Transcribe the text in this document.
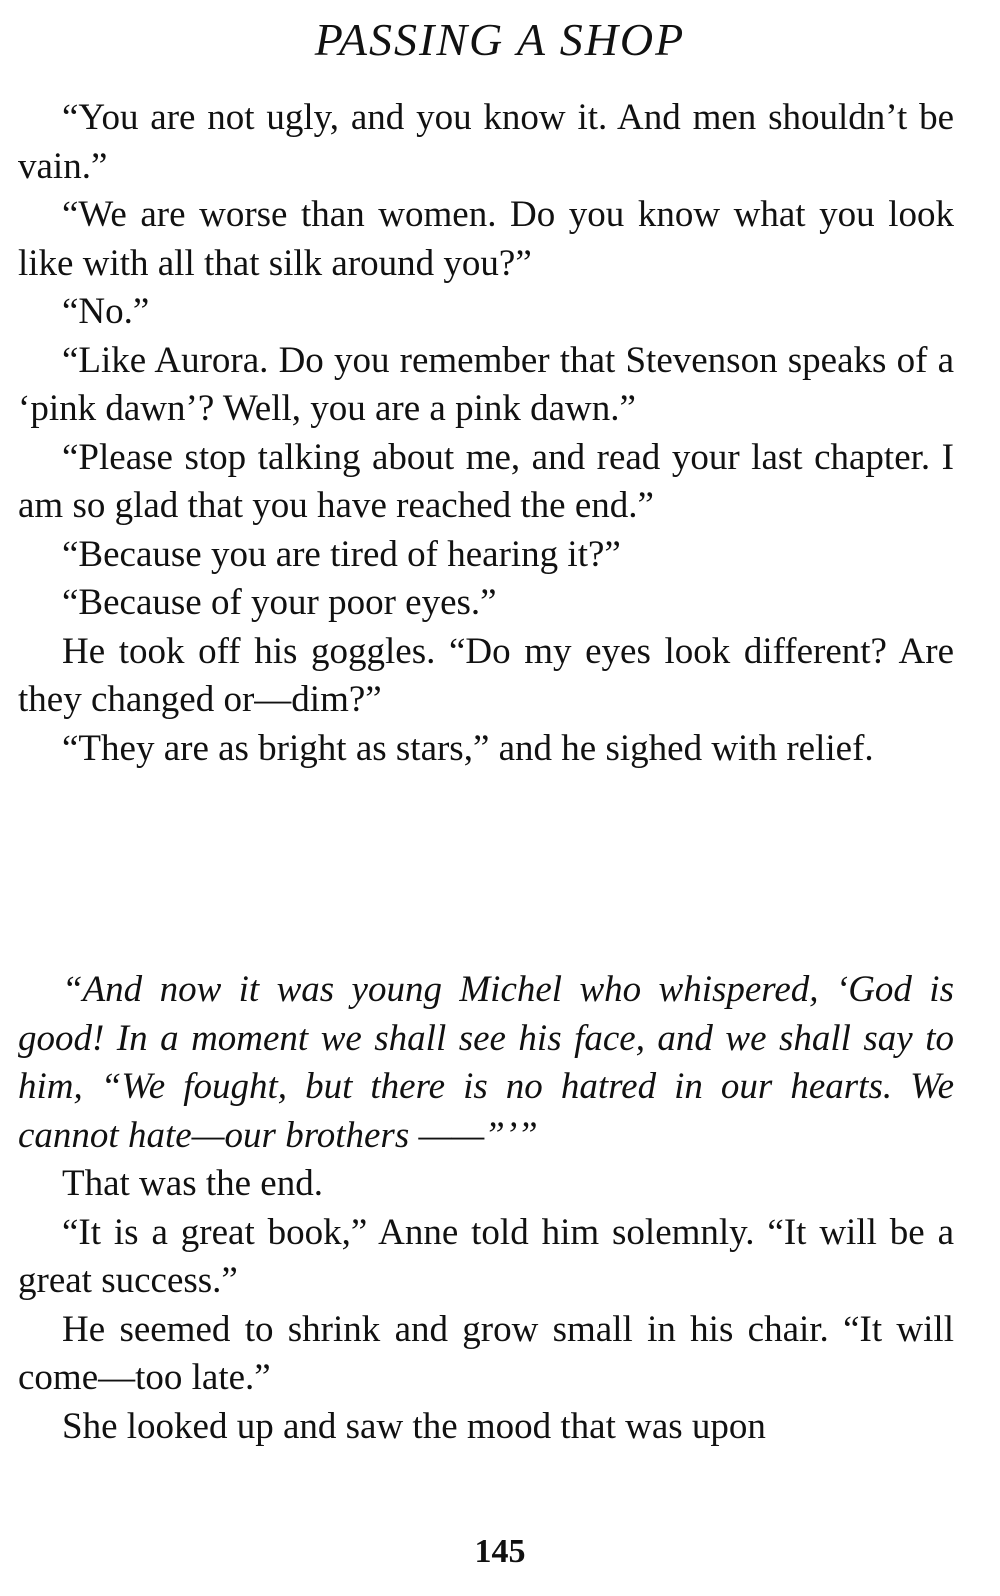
PASSING A SHOP

“You are not ugly, and you know it. And men shouldn’t be vain.”

“We are worse than women. Do you know what you look like with all that silk around you?”

“No.”

“Like Aurora. Do you remember that Stevenson speaks of a ‘pink dawn’? Well, you are a pink dawn.”

“Please stop talking about me, and read your last chapter. I am so glad that you have reached the end.”

“Because you are tired of hearing it?”

“Because of your poor eyes.”

He took off his goggles. “Do my eyes look different? Are they changed or—dim?”

“They are as bright as stars,” and he sighed with relief.

“And now it was young Michel who whispered, ‘God is good! In a moment we shall see his face, and we shall say to him, “We fought, but there is no hatred in our hearts. We cannot hate—our brothers ——”’”

That was the end.

“It is a great book,” Anne told him solemnly. “It will be a great success.”

He seemed to shrink and grow small in his chair. “It will come—too late.”

She looked up and saw the mood that was upon

145
